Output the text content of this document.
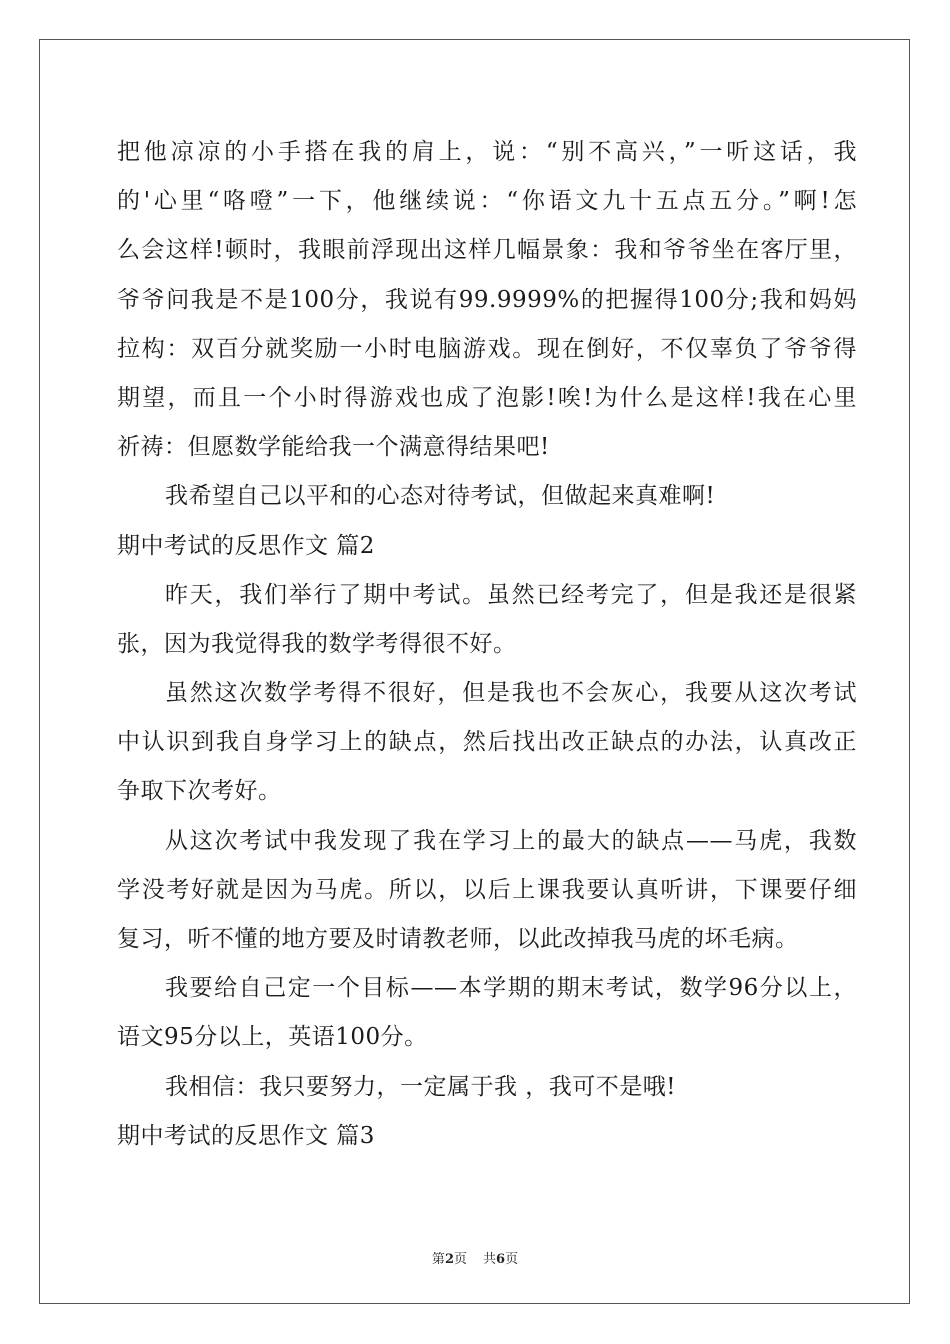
把他凉凉的小手搭在我的肩上，说：“别不高兴，”一听这话，我
的'心里“咯噔”一下，他继续说：“你语文九十五点五分。”啊!怎
么会这样!顿时，我眼前浮现出这样几幅景象：我和爷爷坐在客厅里，
爷爷问我是不是100分，我说有99.9999%的把握得100分;我和妈妈
拉构：双百分就奖励一小时电脑游戏。现在倒好，不仅辜负了爷爷得
期望，而且一个小时得游戏也成了泡影!唉!为什么是这样!我在心里
祈祷：但愿数学能给我一个满意得结果吧!
我希望自己以平和的心态对待考试，但做起来真难啊!
期中考试的反思作文 篇2
昨天，我们举行了期中考试。虽然已经考完了，但是我还是很紧
张，因为我觉得我的数学考得很不好。
虽然这次数学考得不很好，但是我也不会灰心，我要从这次考试
中认识到我自身学习上的缺点，然后找出改正缺点的办法，认真改正
争取下次考好。
从这次考试中我发现了我在学习上的最大的缺点——马虎，我数
学没考好就是因为马虎。所以，以后上课我要认真听讲，下课要仔细
复习，听不懂的地方要及时请教老师，以此改掉我马虎的坏毛病。
我要给自己定一个目标——本学期的期末考试，数学96分以上，
语文95分以上，英语100分。
我相信：我只要努力，一定属于我 ，我可不是哦!
期中考试的反思作文 篇3
第2页 共6页
